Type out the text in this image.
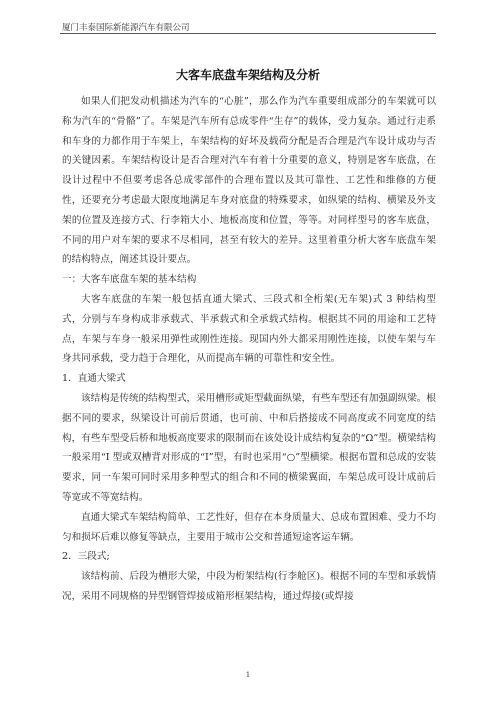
厦门丰泰国际新能源汽车有限公司
大客车底盘车架结构及分析

如果人们把发动机描述为汽车的“心脏”，那么作为汽车重要组成部分的车架就可以称为汽车的“骨骼”了。车架是汽车所有总成零件“生存”的载体，受力复杂。通过行走系和车身的力都作用于车架上，车架结构的好坏及载荷分配是否合理是汽车设计成功与否的关键因素。车架结构设计是否合理对汽车有着十分重要的意义，特别是客车底盘，在设计过程中不但要考虑各总成零部件的合理布置以及其可靠性、工艺性和维修的方便性，还要充分考虑最大限度地满足车身对底盘的特殊要求，如纵梁的结构、横梁及外支架的位置及连接方式、行李箱大小、地板高度和位置，等等。对同样型号的客车底盘，不同的用户对车架的要求不尽相同，甚至有较大的差异。这里着重分析大客车底盘车架的结构特点，阐述其设计要点。

一：大客车底盘车架的基本结构

大客车底盘的车架一般包括直通大梁式、三段式和全桁架(无车架)式 3 种结构型式，分别与车身构成非承载式、半承载式和全承载式结构。根据其不同的用途和工艺特点，车架与车身一般采用弹性或刚性连接。现国内外大都采用刚性连接，以使车架与车身共同承载，受力趋于合理化，从而提高车辆的可靠性和安全性。

1．直通大梁式

该结构是传统的结构型式，采用槽形或矩型截面纵梁，有些车型还有加强副纵梁。根据不同的要求，纵梁设计可前后贯通，也可前、中和后搭接成不同高度或不同宽度的结构，有些车型受后桥和地板高度要求的限制而在该处设计成结构复杂的“Ω”型。横梁结构一般采用“I 型或双槽背对形成的“I”型，有时也采用“○”型横梁。根据布置和总成的安装要求，同一车架可同时采用多种型式的组合和不同的横梁翼面，车架总成可设计成前后等宽或不等宽结构。

直通大梁式车架结构简单、工艺性好，但存在本身质量大、总成布置困难、受力不均匀和损坏后难以修复等缺点，主要用于城市公交和普通短途客运车辆。

2．三段式;

该结构前、后段为槽形大梁，中段为桁架结构(行李舱区)。根据不同的车型和承载情况，采用不同规格的异型钢管焊接成箱形框架结构，通过焊接(或焊接

1
